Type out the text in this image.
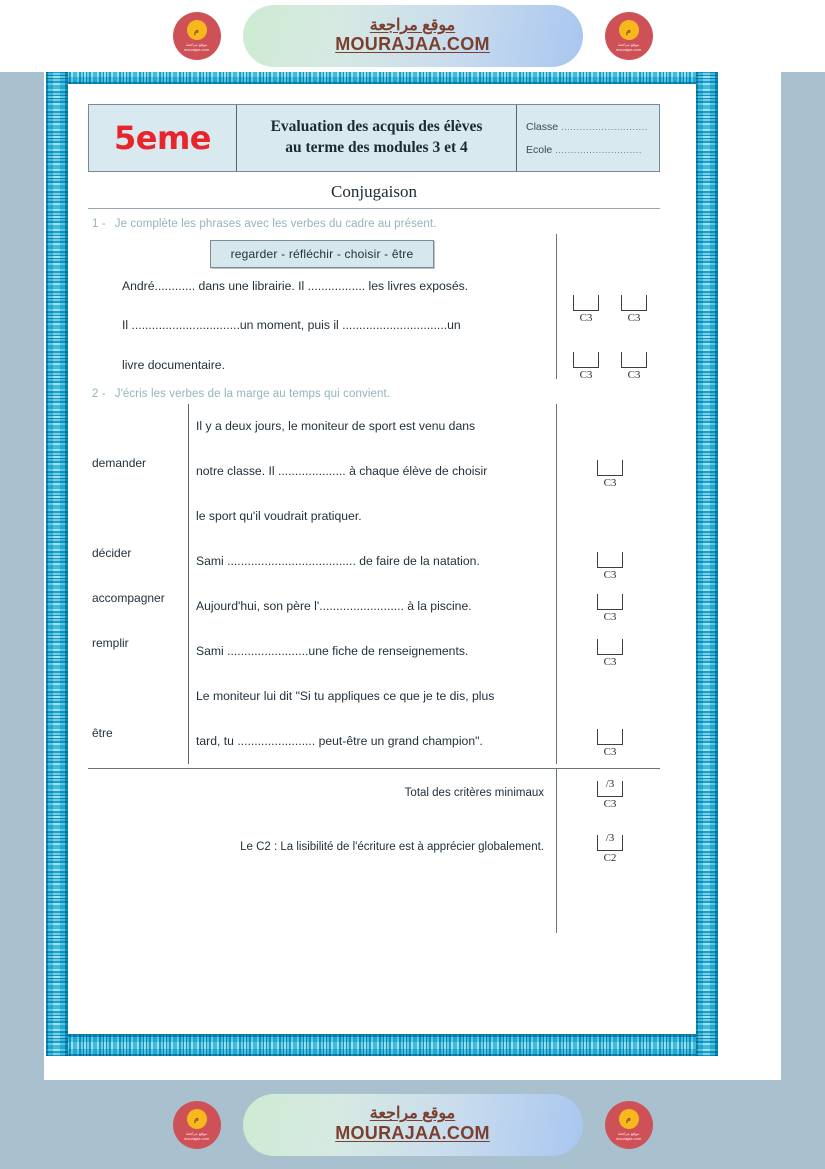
م
موقع مراجعة
mourajaa.com
موقع مراجعة
MOURAJAA.COM
م
موقع مراجعة
mourajaa.com
5eme	Evaluation des acquis des élèves
au terme des modules 3 et 4
Classe ............................
Ecole ............................
Conjugaison
1 - Je complète les phrases avec les verbes du cadre au présent.
regarder - réfléchir - choisir - être
André............ dans une librairie. Il ................. les livres exposés.
Il ................................un moment, puis il ...............................un
livre documentaire.
C3	C3
C3	C3
2 - J'écris les verbes de la marge au temps qui convient.
demander
décider
accompagner
remplir
être
Il y a deux jours, le moniteur de sport est venu dans
notre classe. Il .................... à chaque élève de choisir
le sport qu'il voudrait pratiquer.
Sami ...................................... de faire de la natation.
Aujourd'hui, son père l'......................... à la piscine.
Sami ........................une fiche de renseignements.
Le moniteur lui dit "Si tu appliques ce que je te dis, plus
tard, tu ....................... peut-être un grand champion".
C3
C3
C3
C3
C3
Total des critères minimaux
/3
C3
Le C2 : La lisibilité de l'écriture est à apprécier globalement.
/3
C2
م
موقع مراجعة
mourajaa.com
موقع مراجعة
MOURAJAA.COM
م
موقع مراجعة
mourajaa.com
